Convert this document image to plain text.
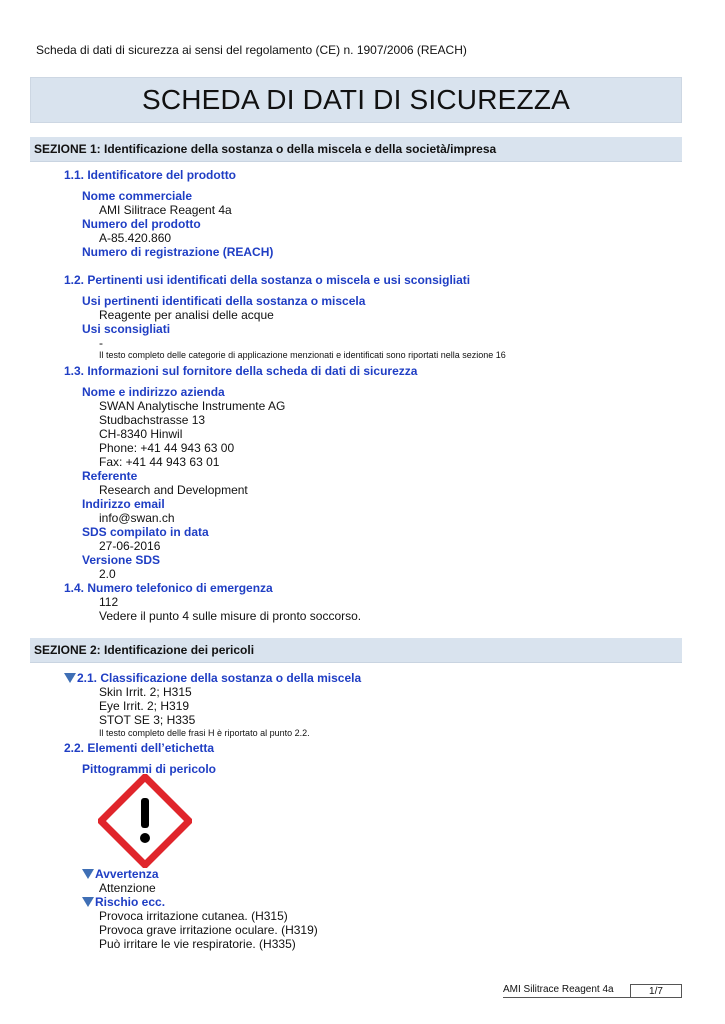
Scheda di dati di sicurezza ai sensi del regolamento (CE) n. 1907/2006 (REACH)
SCHEDA DI DATI DI SICUREZZA
SEZIONE 1: Identificazione della sostanza o della miscela e della società/impresa
1.1. Identificatore del prodotto
Nome commerciale
AMI Silitrace Reagent 4a
Numero del prodotto
A-85.420.860
Numero di registrazione (REACH)
1.2. Pertinenti usi identificati della sostanza o miscela e usi sconsigliati
Usi pertinenti identificati della sostanza o miscela
Reagente per analisi delle acque
Usi sconsigliati
-
Il testo completo delle categorie di applicazione menzionati e identificati sono riportati nella sezione 16
1.3. Informazioni sul fornitore della scheda di dati di sicurezza
Nome e indirizzo azienda
SWAN Analytische Instrumente AG
Studbachstrasse 13
CH-8340 Hinwil
Phone: +41 44 943 63 00
Fax: +41 44 943 63 01
Referente
Research and Development
Indirizzo email
info@swan.ch
SDS compilato in data
27-06-2016
Versione SDS
2.0
1.4. Numero telefonico di emergenza
112
Vedere il punto 4 sulle misure di pronto soccorso.
SEZIONE 2: Identificazione dei pericoli
2.1. Classificazione della sostanza o della miscela
Skin Irrit. 2; H315
Eye Irrit. 2; H319
STOT SE 3; H335
Il testo completo delle frasi H è riportato al punto 2.2.
2.2. Elementi dell’etichetta
Pittogrammi di pericolo
Avvertenza
Attenzione
Rischio ecc.
Provoca irritazione cutanea. (H315)
Provoca grave irritazione oculare. (H319)
Può irritare le vie respiratorie. (H335)
AMI Silitrace Reagent 4a	1/7
